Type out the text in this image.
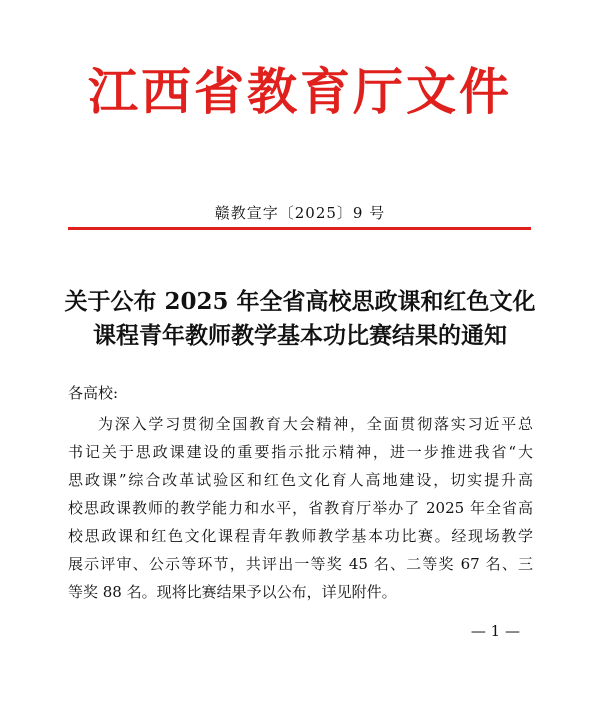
江西省教育厅文件
赣教宣字〔2025〕9 号
关于公布 2025 年全省高校思政课和红色文化
课程青年教师教学基本功比赛结果的通知
各高校:
为深入学习贯彻全国教育大会精神，全面贯彻落实习近平总
书记关于思政课建设的重要指示批示精神，进一步推进我省“大
思政课”综合改革试验区和红色文化育人高地建设，切实提升高
校思政课教师的教学能力和水平，省教育厅举办了 2025 年全省高
校思政课和红色文化课程青年教师教学基本功比赛。经现场教学
展示评审、公示等环节，共评出一等奖 45 名、二等奖 67 名、三
等奖 88 名。现将比赛结果予以公布，详见附件。
— 1 —
